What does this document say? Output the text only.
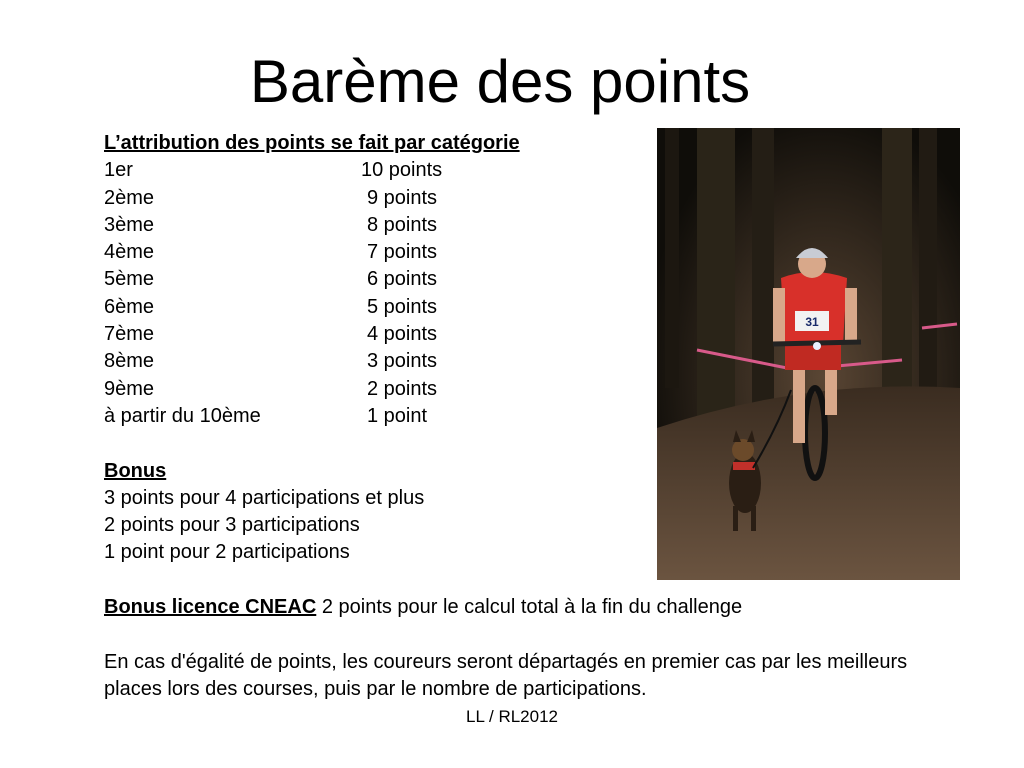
Barème des points
L’attribution des points se fait par catégorie
1er	10 points
2ème	9 points
3ème	8 points
4ème	7 points
5ème	6 points
6ème	5 points
7ème	4 points
8ème	3 points
9ème	2 points
à partir du 10ème	1 point
Bonus
3 points pour 4 participations et plus
2 points pour 3 participations
1 point pour 2 participations
Bonus licence CNEAC 2 points pour le calcul total à la fin du challenge
En cas d'égalité de points, les coureurs seront départagés en premier cas par les meilleurs places lors des courses, puis par le nombre de participations.
31
LL / RL2012
